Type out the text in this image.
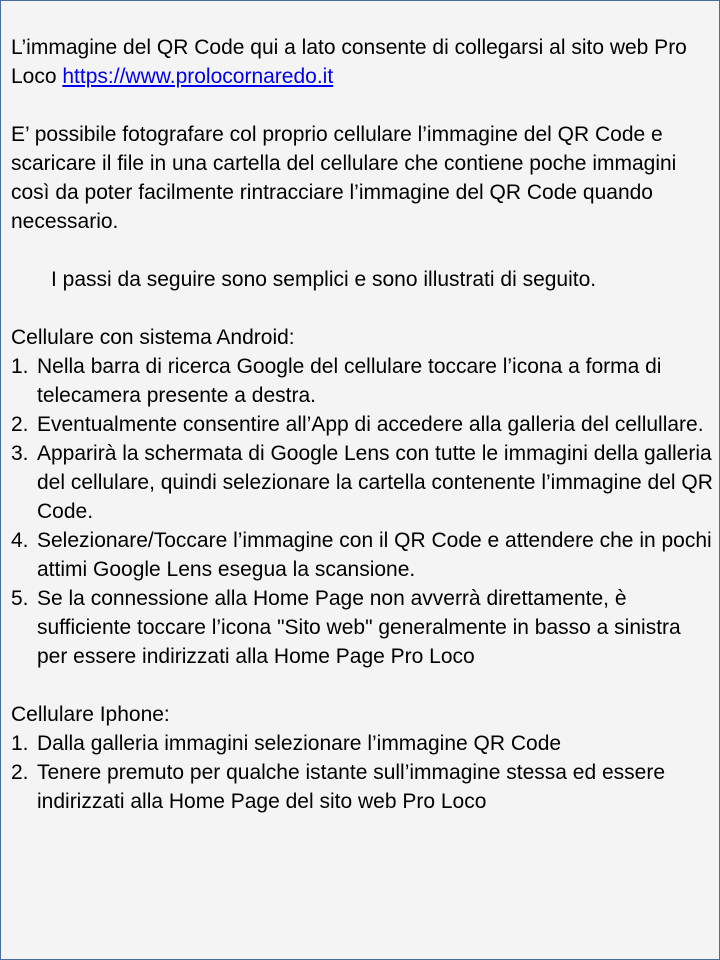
L’immagine del QR Code qui a lato consente di collegarsi al sito web Pro Loco https://www.prolocornaredo.it

E’ possibile fotografare col proprio cellulare l’immagine del QR Code e scaricare il file in una cartella del cellulare che contiene poche immagini così da poter facilmente rintracciare l’immagine del QR Code quando necessario.

I passi da seguire sono semplici e sono illustrati di seguito.

Cellulare con sistema Android:

1. Nella barra di ricerca Google del cellulare toccare l’icona a forma di telecamera presente a destra.
2. Eventualmente consentire all’App di accedere alla galleria del cellullare.
3. Apparirà la schermata di Google Lens con tutte le immagini della galleria del cellulare, quindi selezionare la cartella contenente l’immagine del QR Code.
4. Selezionare/Toccare l’immagine con il QR Code e attendere che in pochi attimi Google Lens esegua la scansione.
5. Se la connessione alla Home Page non avverrà direttamente, è sufficiente toccare l’icona "Sito web" generalmente in basso a sinistra per essere indirizzati alla Home Page Pro Loco

Cellulare Iphone:

1. Dalla galleria immagini selezionare l’immagine QR Code
2. Tenere premuto per qualche istante sull’immagine stessa ed essere indirizzati alla Home Page del sito web Pro Loco
